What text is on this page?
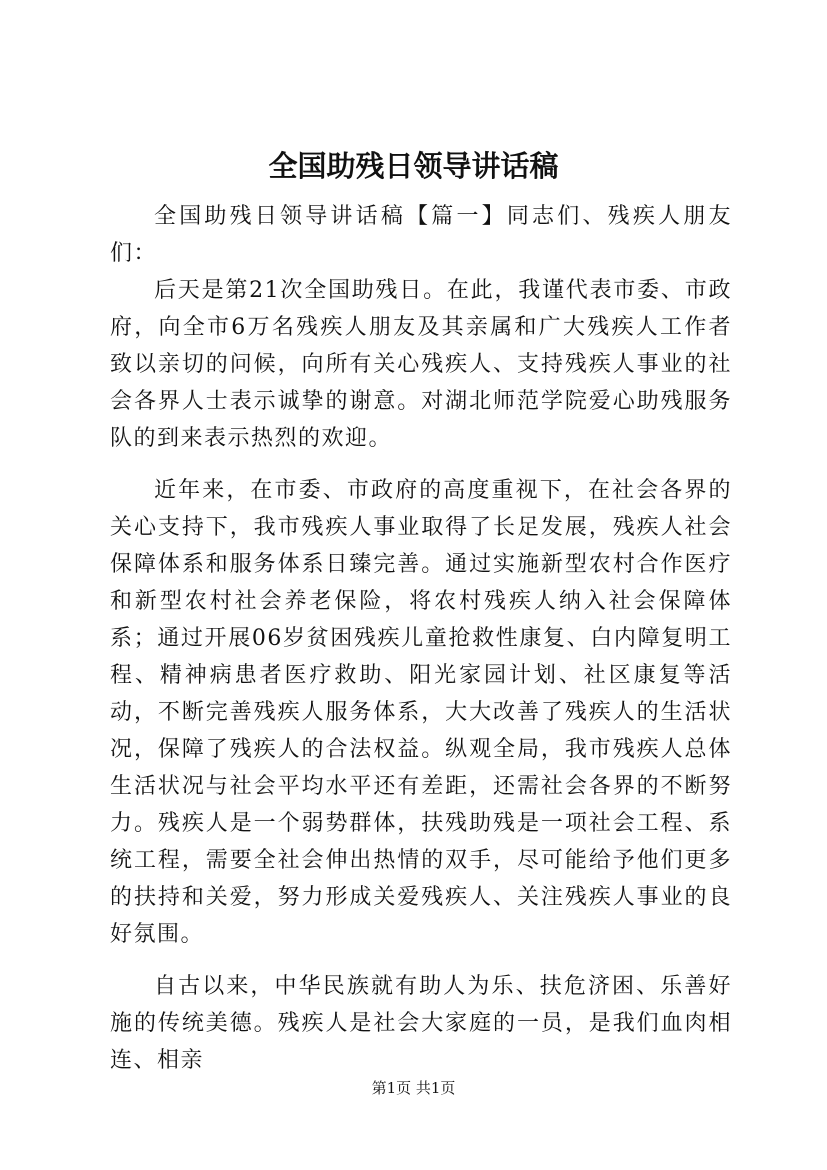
全国助残日领导讲话稿

全国助残日领导讲话稿【篇一】同志们、残疾人朋友们：

后天是第21次全国助残日。在此，我谨代表市委、市政府，向全市6万名残疾人朋友及其亲属和广大残疾人工作者致以亲切的问候，向所有关心残疾人、支持残疾人事业的社会各界人士表示诚挚的谢意。对湖北师范学院爱心助残服务队的到来表示热烈的欢迎。

近年来，在市委、市政府的高度重视下，在社会各界的关心支持下，我市残疾人事业取得了长足发展，残疾人社会保障体系和服务体系日臻完善。通过实施新型农村合作医疗和新型农村社会养老保险，将农村残疾人纳入社会保障体系；通过开展06岁贫困残疾儿童抢救性康复、白内障复明工程、精神病患者医疗救助、阳光家园计划、社区康复等活动，不断完善残疾人服务体系，大大改善了残疾人的生活状况，保障了残疾人的合法权益。纵观全局，我市残疾人总体生活状况与社会平均水平还有差距，还需社会各界的不断努力。残疾人是一个弱势群体，扶残助残是一项社会工程、系统工程，需要全社会伸出热情的双手，尽可能给予他们更多的扶持和关爱，努力形成关爱残疾人、关注残疾人事业的良好氛围。

自古以来，中华民族就有助人为乐、扶危济困、乐善好施的传统美德。残疾人是社会大家庭的一员，是我们血肉相连、相亲

第1页 共1页
